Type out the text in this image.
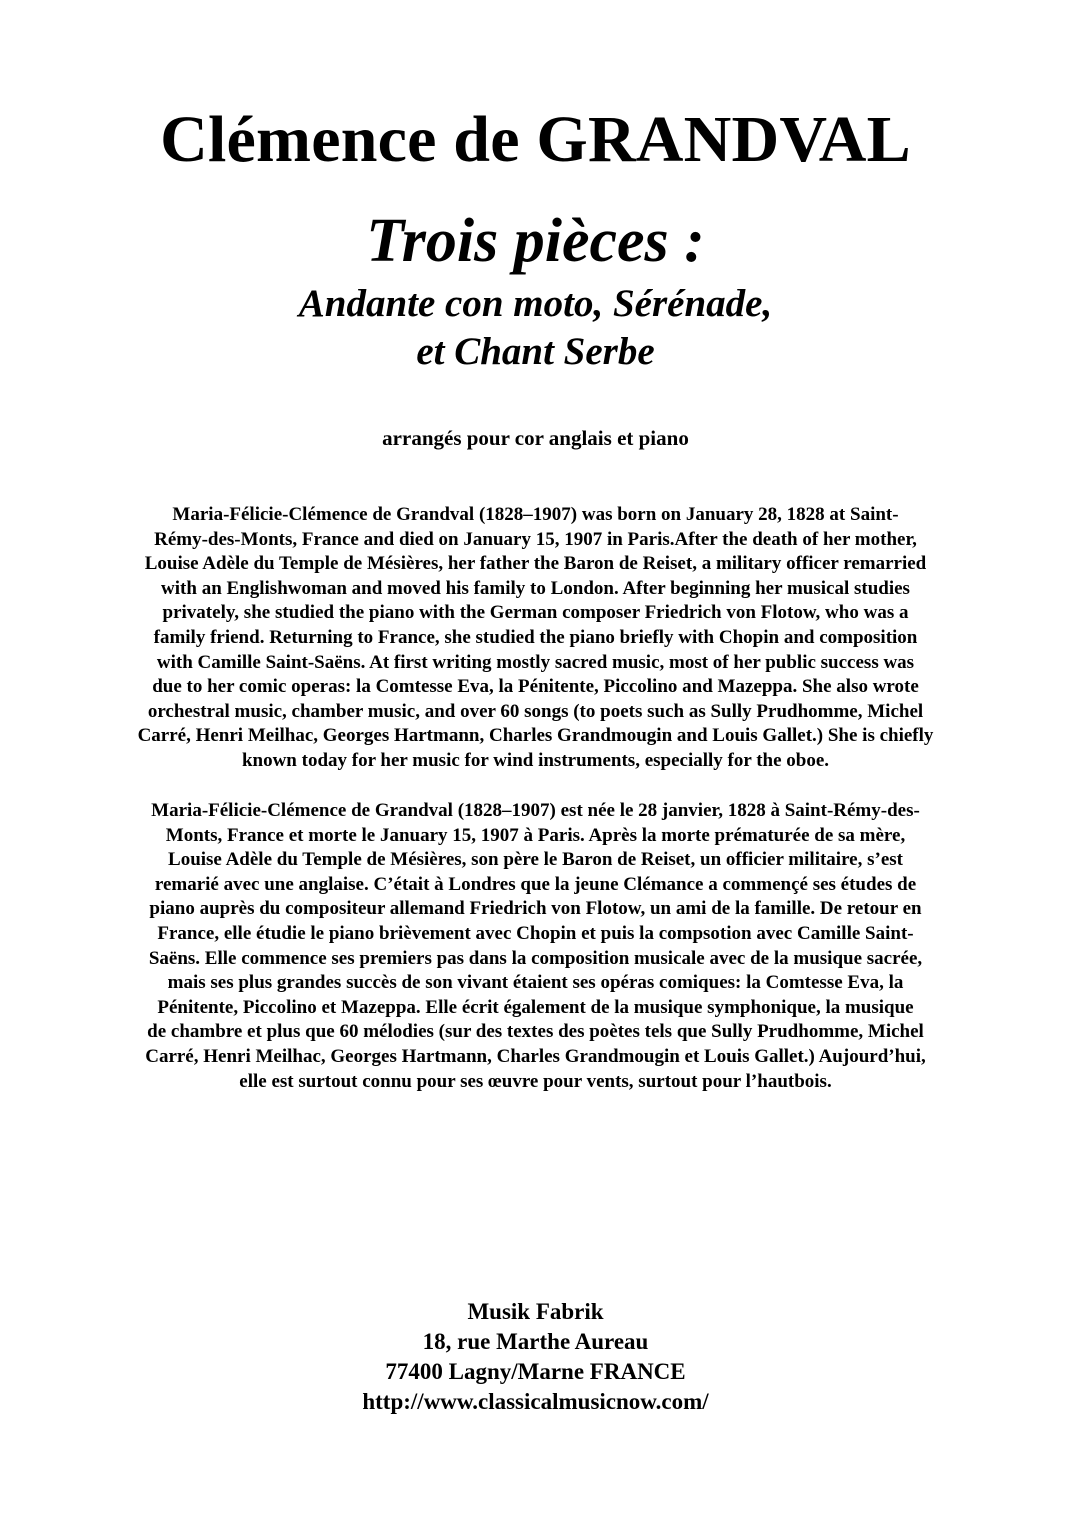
Clémence de GRANDVAL
Trois pièces :
Andante con moto, Sérénade,
et Chant Serbe
arrangés pour cor anglais et piano
Maria-Félicie-Clémence de Grandval (1828–1907) was born on January 28, 1828 at Saint-
Rémy-des-Monts, France and died on January 15, 1907 in Paris.After the death of her mother,
Louise Adèle du Temple de Mésières, her father the Baron de Reiset, a military officer remarried
with an Englishwoman and moved his family to London. After beginning her musical studies
privately, she studied the piano with the German composer Friedrich von Flotow, who was a
family friend. Returning to France, she studied the piano briefly with Chopin and composition
with Camille Saint-Saëns. At first writing mostly sacred music, most of her public success was
due to her comic operas: la Comtesse Eva, la Pénitente, Piccolino and Mazeppa. She also wrote
orchestral music, chamber music, and over 60 songs (to poets such as Sully Prudhomme, Michel
Carré, Henri Meilhac, Georges Hartmann, Charles Grandmougin and Louis Gallet.) She is chiefly
known today for her music for wind instruments, especially for the oboe.
Maria-Félicie-Clémence de Grandval (1828–1907) est née le 28 janvier, 1828 à Saint-Rémy-des-
Monts, France et morte le January 15, 1907 à Paris. Après la morte prématurée de sa mère,
Louise Adèle du Temple de Mésières, son père le Baron de Reiset, un officier militaire, s’est
remarié avec une anglaise. C’était à Londres que la jeune Clémance a commençé ses études de
piano auprès du compositeur allemand Friedrich von Flotow, un ami de la famille. De retour en
France, elle étudie le piano brièvement avec Chopin et puis la compsotion avec Camille Saint-
Saëns. Elle commence ses premiers pas dans la composition musicale avec de la musique sacrée,
mais ses plus grandes succès de son vivant étaient ses opéras comiques: la Comtesse Eva, la
Pénitente, Piccolino et Mazeppa. Elle écrit également de la musique symphonique, la musique
de chambre et plus que 60 mélodies (sur des textes des poètes tels que Sully Prudhomme, Michel
Carré, Henri Meilhac, Georges Hartmann, Charles Grandmougin et Louis Gallet.) Aujourd’hui,
elle est surtout connu pour ses œuvre pour vents, surtout pour l’hautbois.
Musik Fabrik
18, rue Marthe Aureau
77400 Lagny/Marne FRANCE
http://www.classicalmusicnow.com/
